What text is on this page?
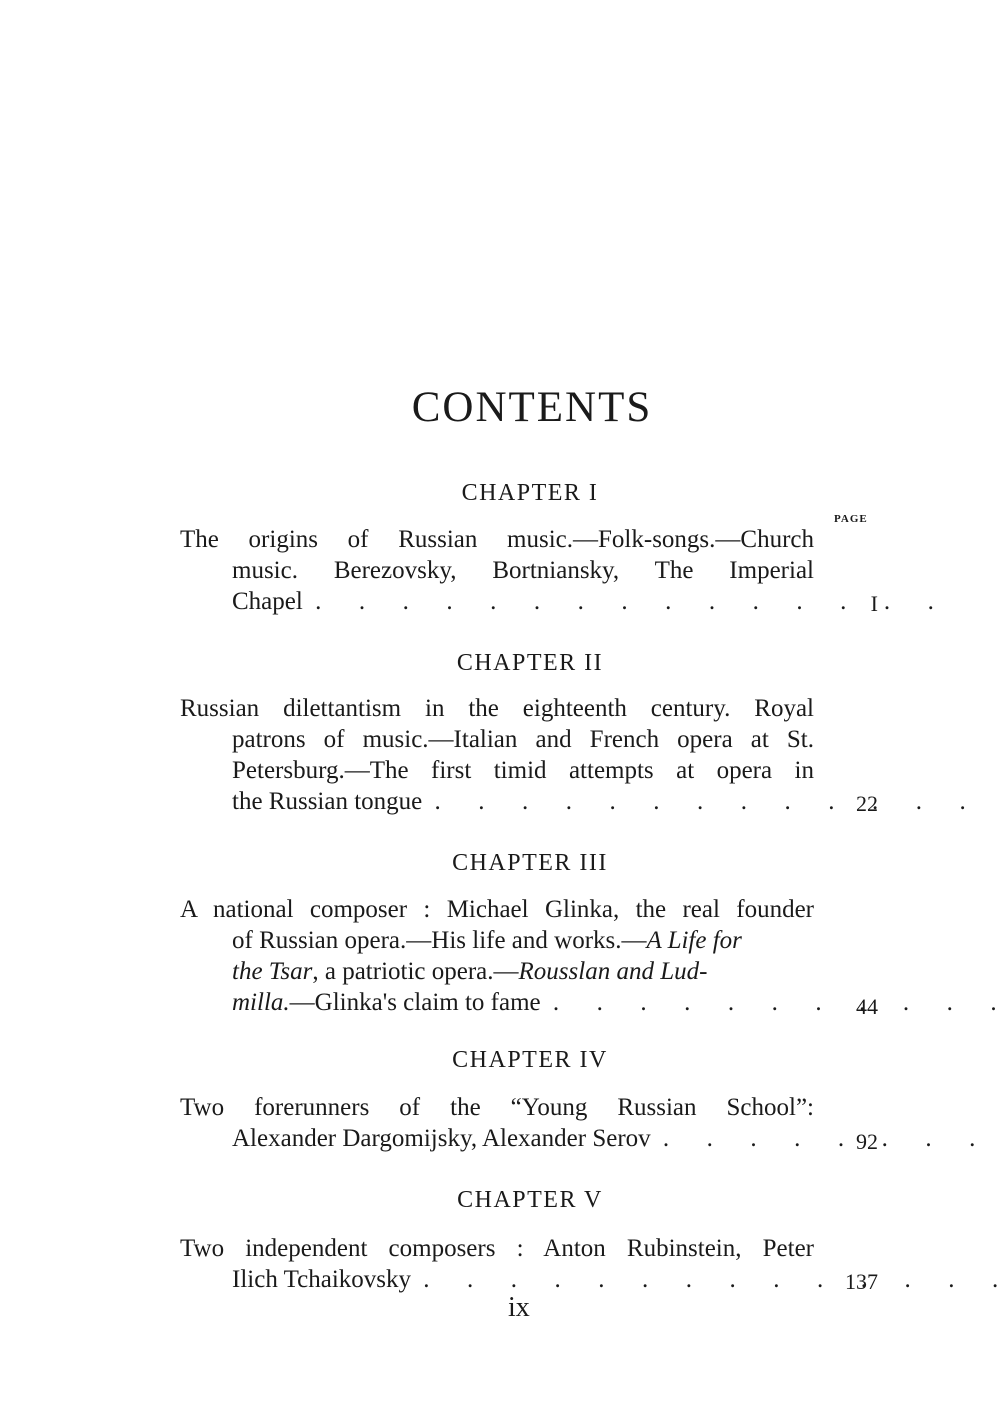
CONTENTS
PAGE
CHAPTER I
The origins of Russian music.—Folk-songs.—Church
music. Berezovsky, Bortniansky, The Imperial
Chapel .	I
CHAPTER II
Russian dilettantism in the eighteenth century. Royal
patrons of music.—Italian and French opera at St.
Petersburg.—The first timid attempts at opera in
the Russian tongue .	22
CHAPTER III
A national composer : Michael Glinka, the real founder
of Russian opera.—His life and works.—A Life for
the Tsar, a patriotic opera.—Rousslan and Lud-
milla.—Glinka's claim to fame .	44
CHAPTER IV
Two forerunners of the “Young Russian School”:
Alexander Dargomijsky, Alexander Serov .	92
CHAPTER V
Two independent composers : Anton Rubinstein, Peter
Ilich Tchaikovsky .	137
ix
